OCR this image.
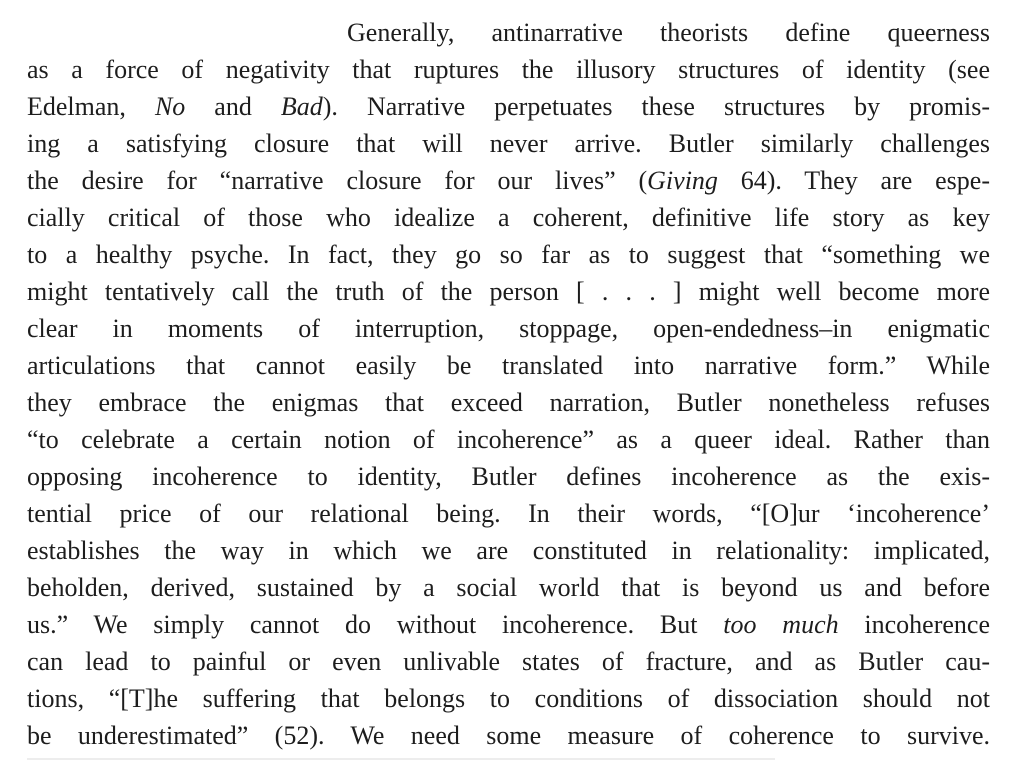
Generally, antinarrative theorists define queerness
as a force of negativity that ruptures the illusory structures of identity (see
Edelman, No and Bad). Narrative perpetuates these structures by promis-
ing a satisfying closure that will never arrive. Butler similarly challenges
the desire for “narrative closure for our lives” (Giving 64). They are espe-
cially critical of those who idealize a coherent, definitive life story as key
to a healthy psyche. In fact, they go so far as to suggest that “something we
might tentatively call the truth of the person [ . . . ] might well become more
clear in moments of interruption, stoppage, open-endedness–in enigmatic
articulations that cannot easily be translated into narrative form.” While
they embrace the enigmas that exceed narration, Butler nonetheless refuses
“to celebrate a certain notion of incoherence” as a queer ideal. Rather than
opposing incoherence to identity, Butler defines incoherence as the exis-
tential price of our relational being. In their words, “[O]ur ‘incoherence’
establishes the way in which we are constituted in relationality: implicated,
beholden, derived, sustained by a social world that is beyond us and before
us.” We simply cannot do without incoherence. But too much incoherence
can lead to painful or even unlivable states of fracture, and as Butler cau-
tions, “[T]he suffering that belongs to conditions of dissociation should not
be underestimated” (52). We need some measure of coherence to survive.
